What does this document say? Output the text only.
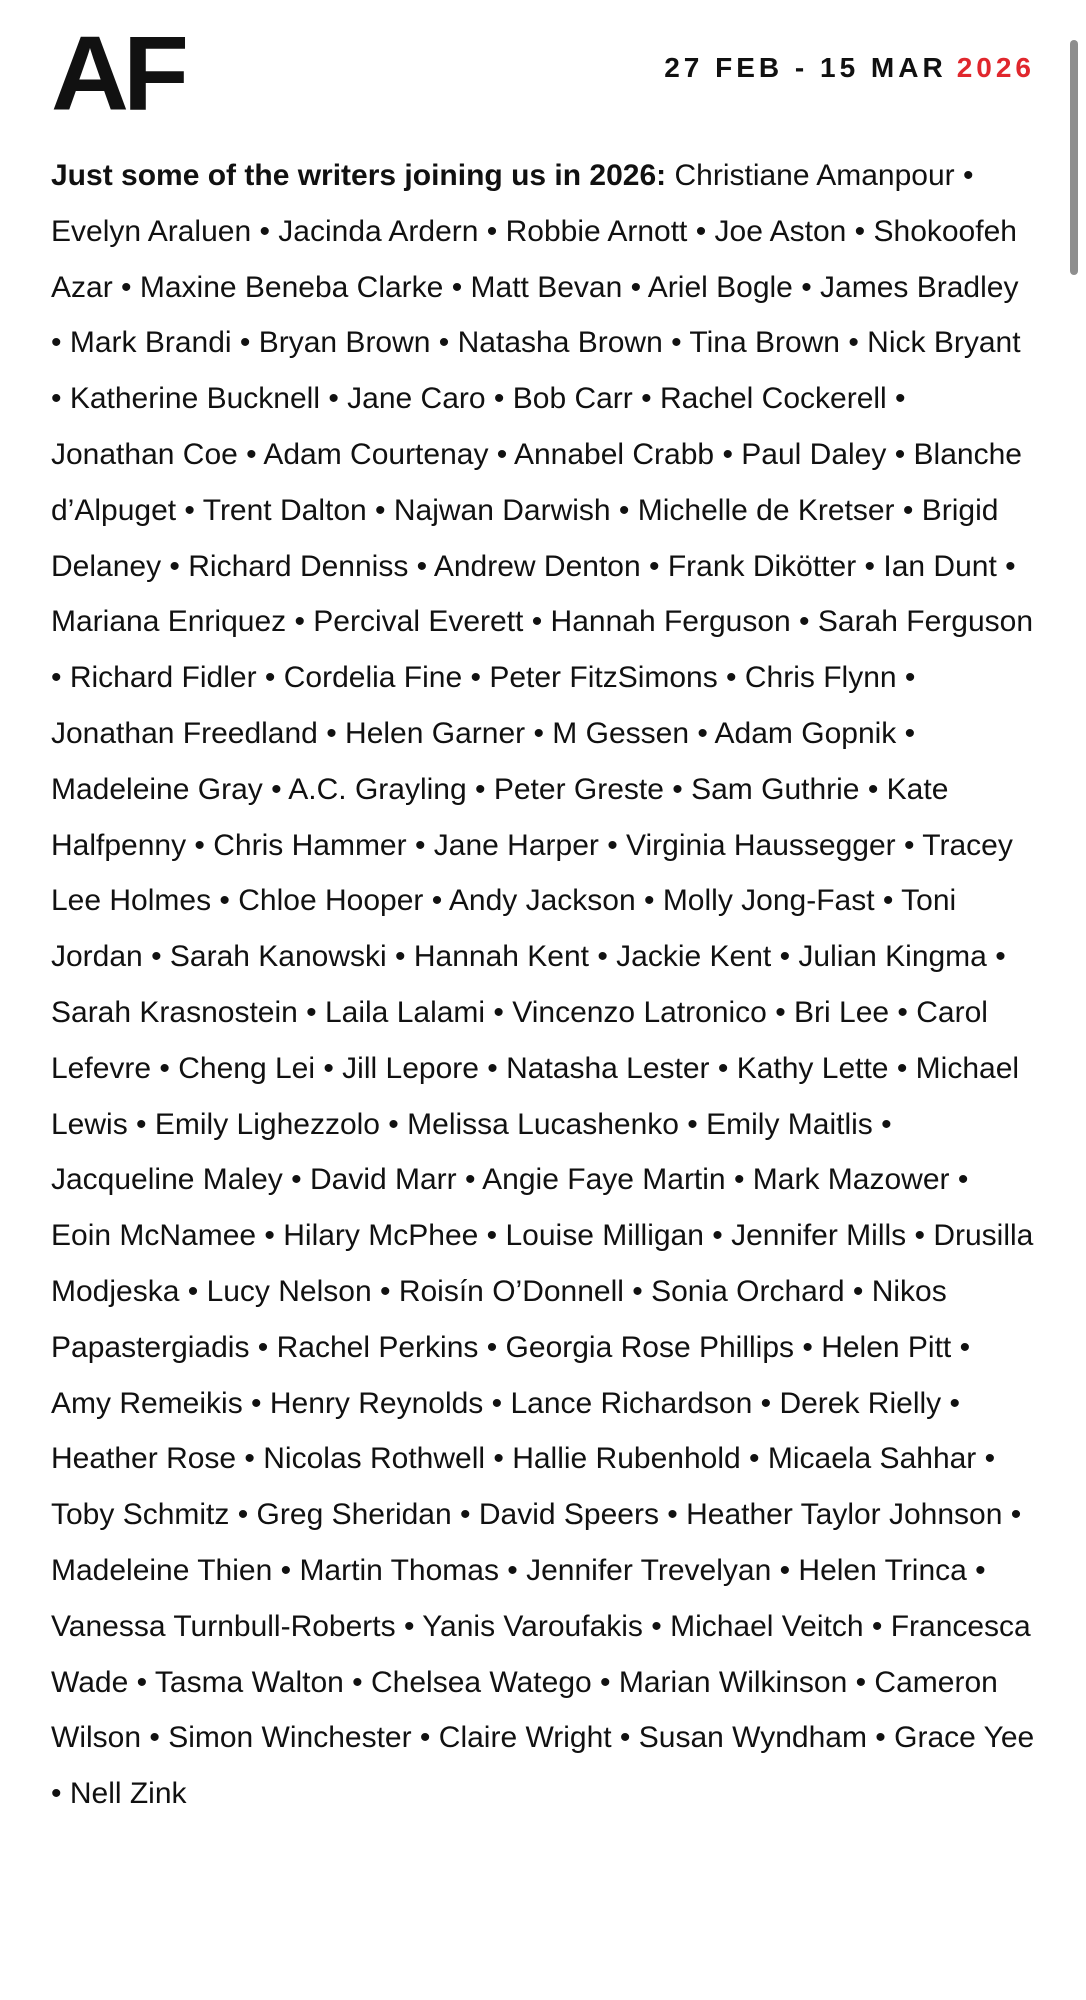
AF	27 FEB - 15 MAR 2026
Just some of the writers joining us in 2026: Christiane Amanpour • Evelyn Araluen • Jacinda Ardern • Robbie Arnott • Joe Aston • Shokoofeh Azar • Maxine Beneba Clarke • Matt Bevan • Ariel Bogle • James Bradley • Mark Brandi • Bryan Brown • Natasha Brown • Tina Brown • Nick Bryant • Katherine Bucknell • Jane Caro • Bob Carr • Rachel Cockerell • Jonathan Coe • Adam Courtenay • Annabel Crabb • Paul Daley • Blanche d’Alpuget • Trent Dalton • Najwan Darwish • Michelle de Kretser • Brigid Delaney • Richard Denniss • Andrew Denton • Frank Dikötter • Ian Dunt • Mariana Enriquez • Percival Everett • Hannah Ferguson • Sarah Ferguson • Richard Fidler • Cordelia Fine • Peter FitzSimons • Chris Flynn • Jonathan Freedland • Helen Garner • M Gessen • Adam Gopnik • Madeleine Gray • A.C. Grayling • Peter Greste • Sam Guthrie • Kate Halfpenny • Chris Hammer • Jane Harper • Virginia Haussegger • Tracey Lee Holmes • Chloe Hooper • Andy Jackson • Molly Jong-Fast • Toni Jordan • Sarah Kanowski • Hannah Kent • Jackie Kent • Julian Kingma • Sarah Krasnostein • Laila Lalami • Vincenzo Latronico • Bri Lee • Carol Lefevre • Cheng Lei • Jill Lepore • Natasha Lester • Kathy Lette • Michael Lewis • Emily Lighezzolo • Melissa Lucashenko • Emily Maitlis • Jacqueline Maley • David Marr • Angie Faye Martin • Mark Mazower • Eoin McNamee • Hilary McPhee • Louise Milligan • Jennifer Mills • Drusilla Modjeska • Lucy Nelson • Roisín O’Donnell • Sonia Orchard • Nikos Papastergiadis • Rachel Perkins • Georgia Rose Phillips • Helen Pitt • Amy Remeikis • Henry Reynolds • Lance Richardson • Derek Rielly • Heather Rose • Nicolas Rothwell • Hallie Rubenhold • Micaela Sahhar • Toby Schmitz • Greg Sheridan • David Speers • Heather Taylor Johnson • Madeleine Thien • Martin Thomas • Jennifer Trevelyan • Helen Trinca • Vanessa Turnbull-Roberts • Yanis Varoufakis • Michael Veitch • Francesca Wade • Tasma Walton • Chelsea Watego • Marian Wilkinson • Cameron Wilson • Simon Winchester • Claire Wright • Susan Wyndham • Grace Yee • Nell Zink
